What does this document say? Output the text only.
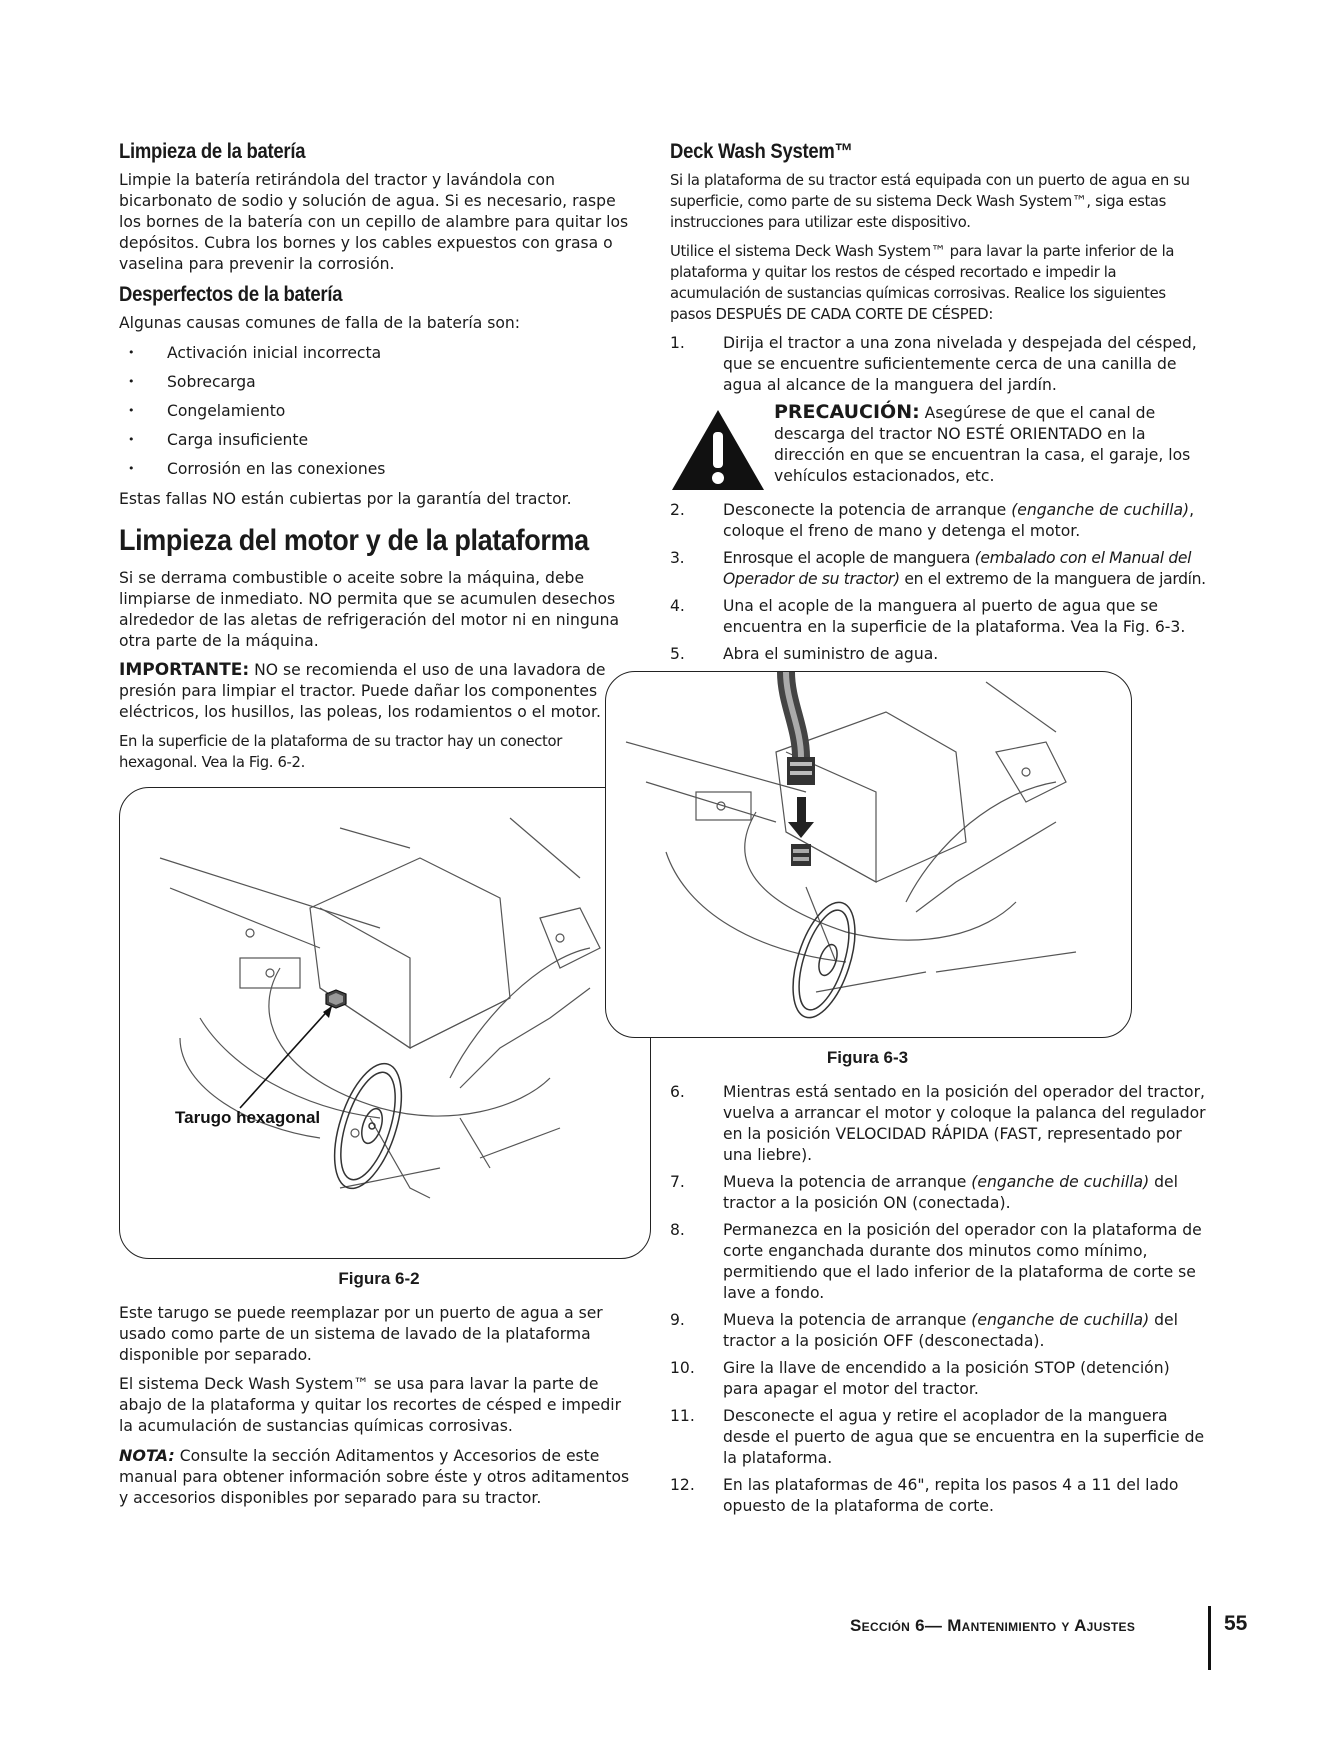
Limpieza de la batería

Limpie la batería retirándola del tractor y lavándola con bicarbonato de sodio y solución de agua. Si es necesario, raspe los bornes de la batería con un cepillo de alambre para quitar los depósitos. Cubra los bornes y los cables expuestos con grasa o vaselina para prevenir la corrosión.

Desperfectos de la batería

Algunas causas comunes de falla de la batería son:

• Activación inicial incorrecta
• Sobrecarga
• Congelamiento
• Carga insuficiente
• Corrosión en las conexiones

Estas fallas NO están cubiertas por la garantía del tractor.

Limpieza del motor y de la plataforma

Si se derrama combustible o aceite sobre la máquina, debe limpiarse de inmediato. NO permita que se acumulen desechos alrededor de las aletas de refrigeración del motor ni en ninguna otra parte de la máquina.

IMPORTANTE: NO se recomienda el uso de una lavadora de presión para limpiar el tractor. Puede dañar los componentes eléctricos, los husillos, las poleas, los rodamientos o el motor.

En la superficie de la plataforma de su tractor hay un conector hexagonal. Vea la Fig. 6-2.

Tarugo hexagonal
Figura 6-2

Este tarugo se puede reemplazar por un puerto de agua a ser usado como parte de un sistema de lavado de la plataforma disponible por separado.

El sistema Deck Wash System™ se usa para lavar la parte de abajo de la plataforma y quitar los recortes de césped e impedir la acumulación de sustancias químicas corrosivas.

NOTA: Consulte la sección Aditamentos y Accesorios de este manual para obtener información sobre éste y otros aditamentos y accesorios disponibles por separado para su tractor.

Deck Wash System™

Si la plataforma de su tractor está equipada con un puerto de agua en su superficie, como parte de su sistema Deck Wash System™, siga estas instrucciones para utilizar este dispositivo.

Utilice el sistema Deck Wash System™ para lavar la parte inferior de la plataforma y quitar los restos de césped recortado e impedir la acumulación de sustancias químicas corrosivas. Realice los siguientes pasos DESPUÉS DE CADA CORTE DE CÉSPED:

1. Dirija el tractor a una zona nivelada y despejada del césped, que se encuentre suficientemente cerca de una canilla de agua al alcance de la manguera del jardín.

PRECAUCIÓN: Asegúrese de que el canal de descarga del tractor NO ESTÉ ORIENTADO en la dirección en que se encuentran la casa, el garaje, los vehículos estacionados, etc.

2. Desconecte la potencia de arranque (enganche de cuchilla), coloque el freno de mano y detenga el motor.
3. Enrosque el acople de manguera (embalado con el Manual del Operador de su tractor) en el extremo de la manguera de jardín.
4. Una el acople de la manguera al puerto de agua que se encuentra en la superficie de la plataforma. Vea la Fig. 6-3.
5. Abra el suministro de agua.
Figura 6-3
6. Mientras está sentado en la posición del operador del tractor, vuelva a arrancar el motor y coloque la palanca del regulador en la posición VELOCIDAD RÁPIDA (FAST, representado por una liebre).
7. Mueva la potencia de arranque (enganche de cuchilla) del tractor a la posición ON (conectada).
8. Permanezca en la posición del operador con la plataforma de corte enganchada durante dos minutos como mínimo, permitiendo que el lado inferior de la plataforma de corte se lave a fondo.
9. Mueva la potencia de arranque (enganche de cuchilla) del tractor a la posición OFF (desconectada).
10. Gire la llave de encendido a la posición STOP (detención) para apagar el motor del tractor.
11. Desconecte el agua y retire el acoplador de la manguera desde el puerto de agua que se encuentra en la superficie de la plataforma.
12. En las plataformas de 46", repita los pasos 4 a 11 del lado opuesto de la plataforma de corte.
Sección 6— Mantenimiento y Ajustes	55
